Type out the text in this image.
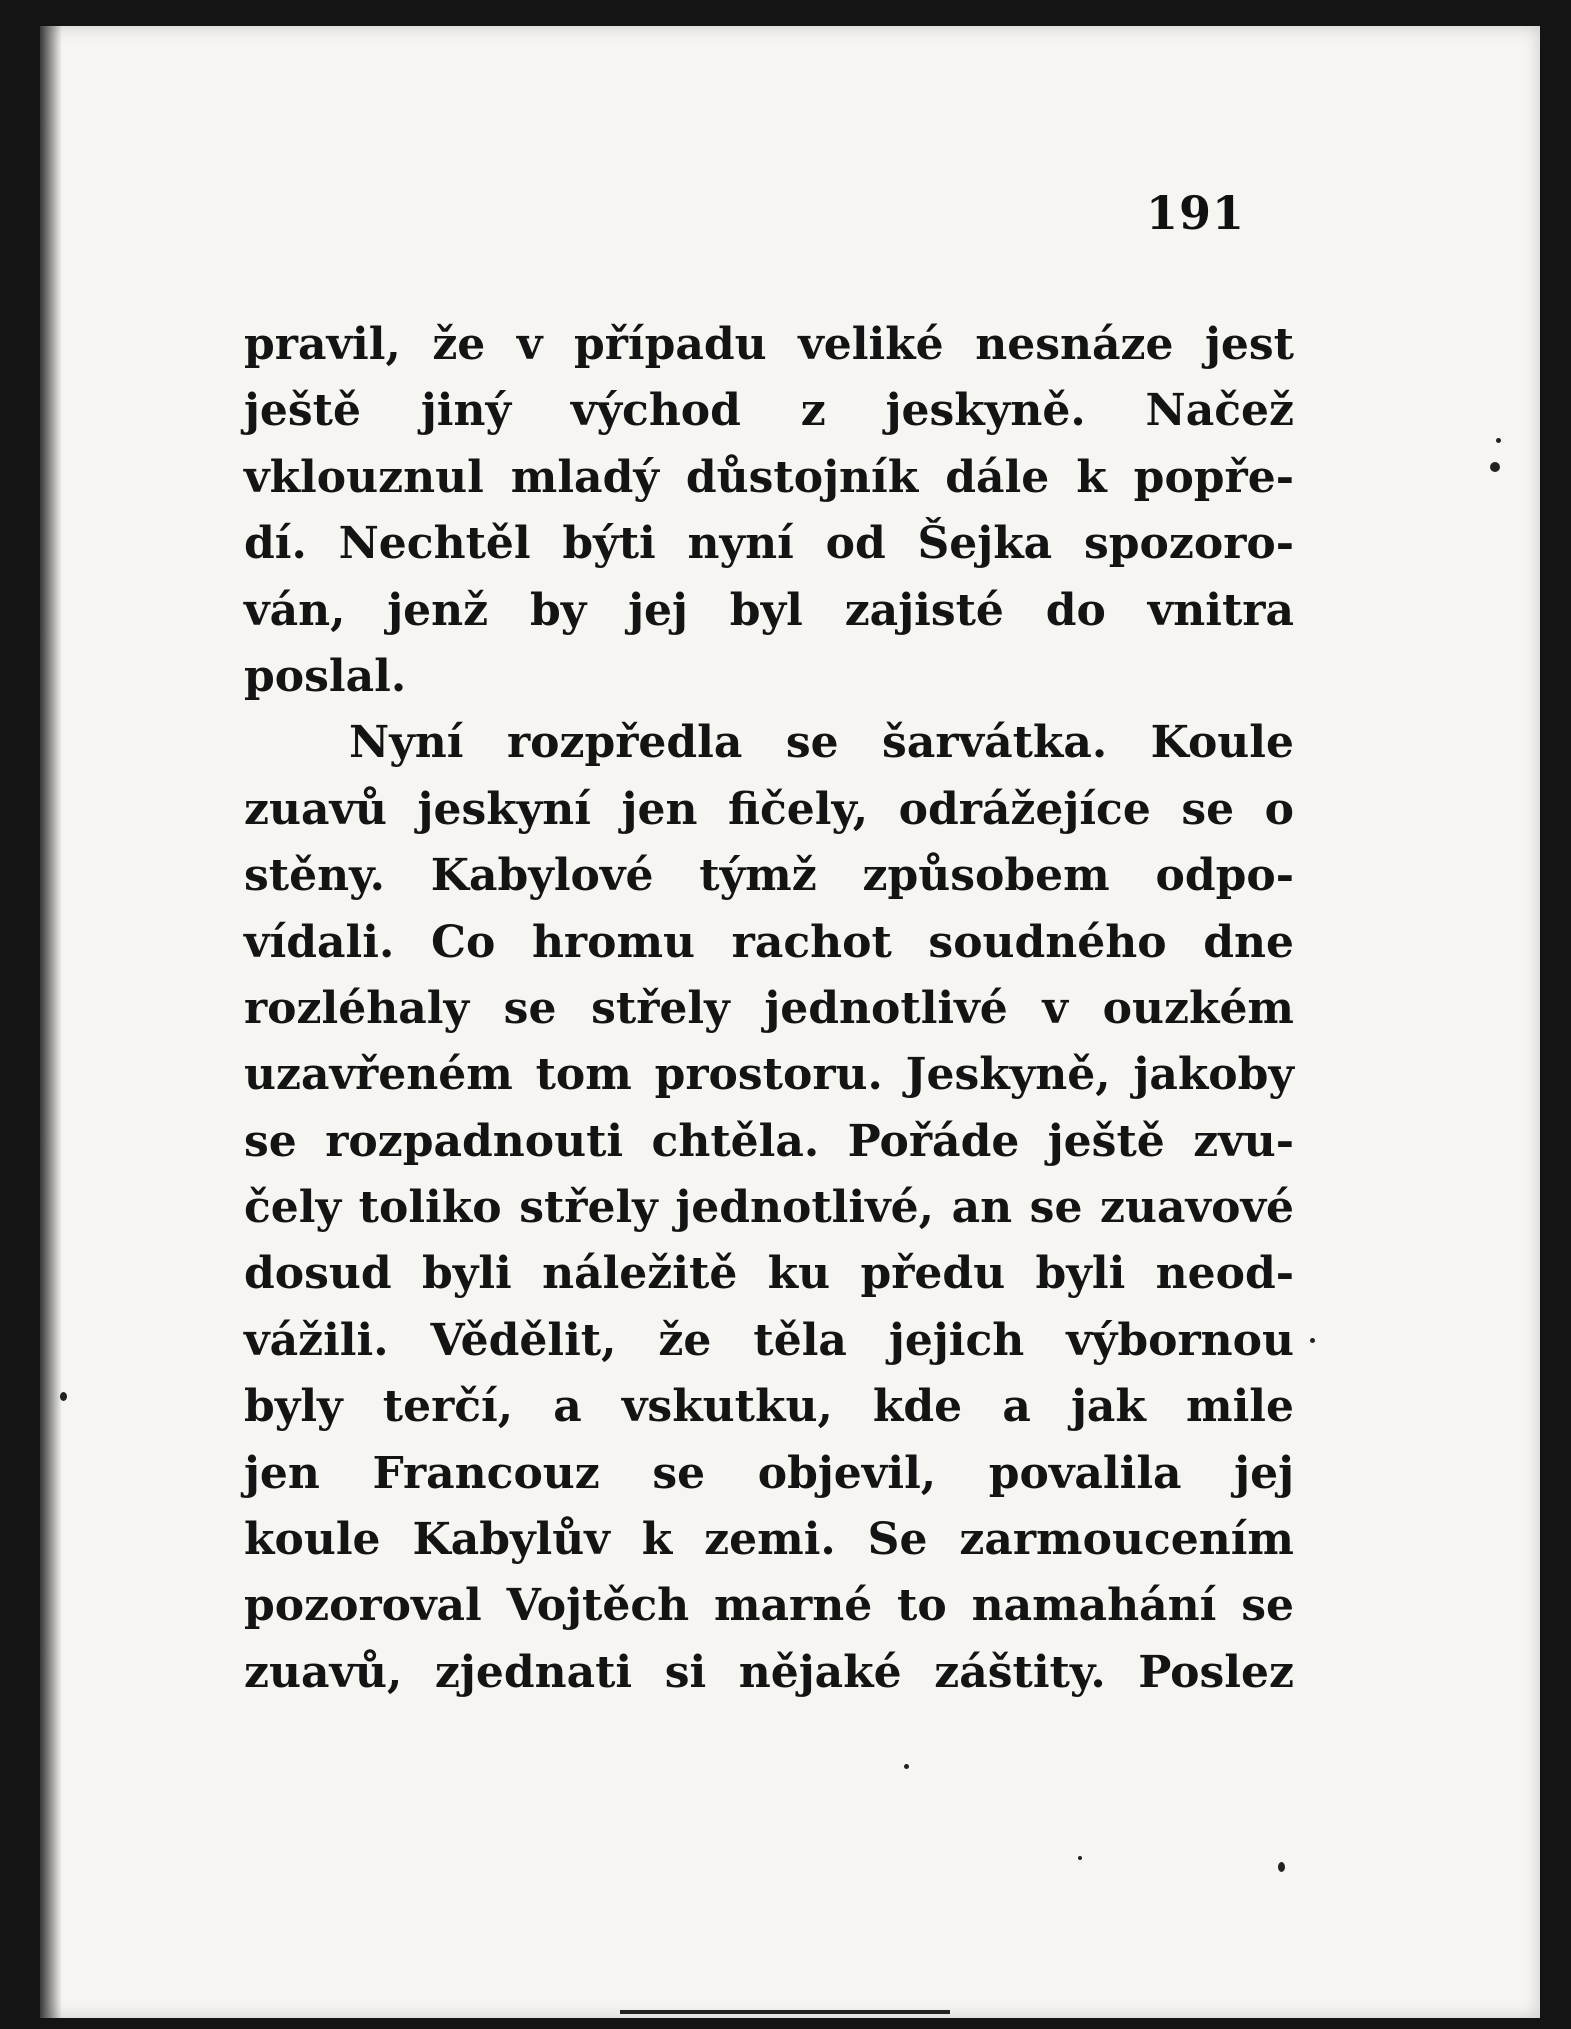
191
pravil, že v případu veliké nesnáze jest
ještě jiný východ z jeskyně. Načež
vklouznul mladý důstojník dále k popře-
dí. Nechtěl býti nyní od Šejka spozoro-
ván, jenž by jej byl zajisté do vnitra
poslal.
Nyní rozpředla se šarvátka. Koule
zuavů jeskyní jen fičely, odrážejíce se o
stěny. Kabylové týmž způsobem odpo-
vídali. Co hromu rachot soudného dne
rozléhaly se střely jednotlivé v ouzkém
uzavřeném tom prostoru. Jeskyně, jakoby
se rozpadnouti chtěla. Pořáde ještě zvu-
čely toliko střely jednotlivé, an se zuavové
dosud byli náležitě ku předu byli neod-
vážili. Vědělit, že těla jejich výbornou
byly terčí, a vskutku, kde a jak mile
jen Francouz se objevil, povalila jej
koule Kabylův k zemi. Se zarmoucením
pozoroval Vojtěch marné to namahání se
zuavů, zjednati si nějaké záštity. Poslez
